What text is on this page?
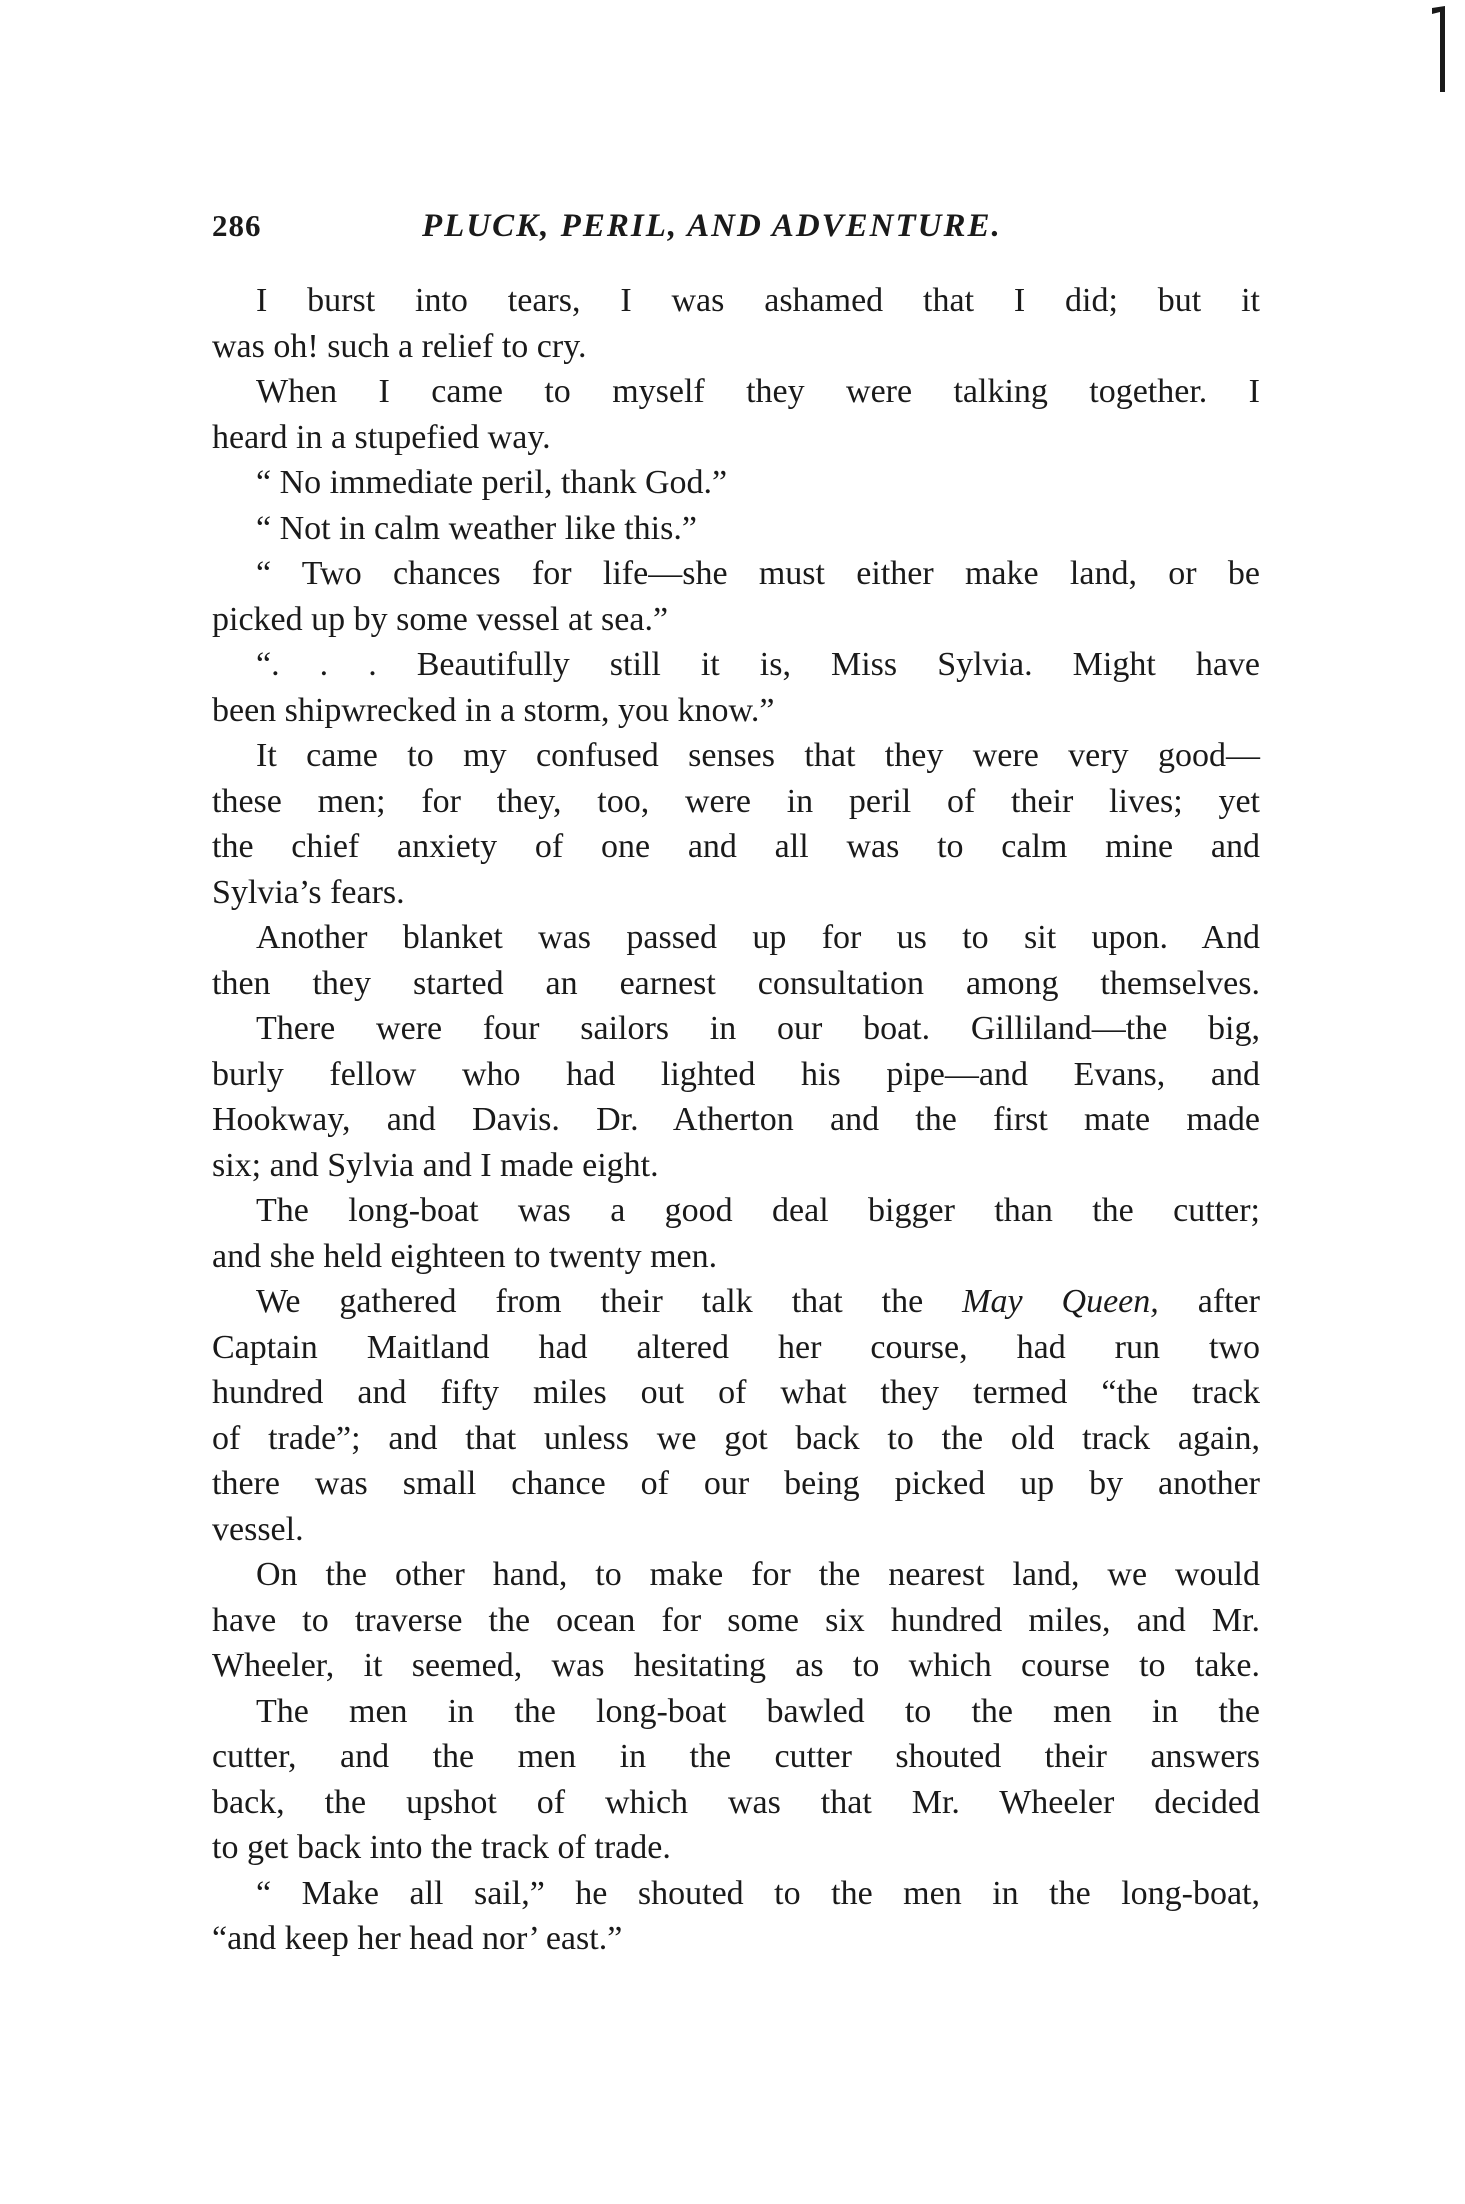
286	PLUCK, PERIL, AND ADVENTURE.
I burst into tears, I was ashamed that I did; but it
was oh! such a relief to cry.
When I came to myself they were talking together. I
heard in a stupefied way.
“ No immediate peril, thank God.”
“ Not in calm weather like this.”
“ Two chances for life—she must either make land, or be
picked up by some vessel at sea.”
“. . . Beautifully still it is, Miss Sylvia. Might have
been shipwrecked in a storm, you know.”
It came to my confused senses that they were very good—
these men; for they, too, were in peril of their lives; yet
the chief anxiety of one and all was to calm mine and
Sylvia’s fears.
Another blanket was passed up for us to sit upon. And
then they started an earnest consultation among themselves.
There were four sailors in our boat. Gilliland—the big,
burly fellow who had lighted his pipe—and Evans, and
Hookway, and Davis. Dr. Atherton and the first mate made
six; and Sylvia and I made eight.
The long-boat was a good deal bigger than the cutter;
and she held eighteen to twenty men.
We gathered from their talk that the May Queen, after
Captain Maitland had altered her course, had run two
hundred and fifty miles out of what they termed “the track
of trade”; and that unless we got back to the old track again,
there was small chance of our being picked up by another
vessel.
On the other hand, to make for the nearest land, we would
have to traverse the ocean for some six hundred miles, and Mr.
Wheeler, it seemed, was hesitating as to which course to take.
The men in the long-boat bawled to the men in the
cutter, and the men in the cutter shouted their answers
back, the upshot of which was that Mr. Wheeler decided
to get back into the track of trade.
“ Make all sail,” he shouted to the men in the long-boat,
“and keep her head nor’ east.”
